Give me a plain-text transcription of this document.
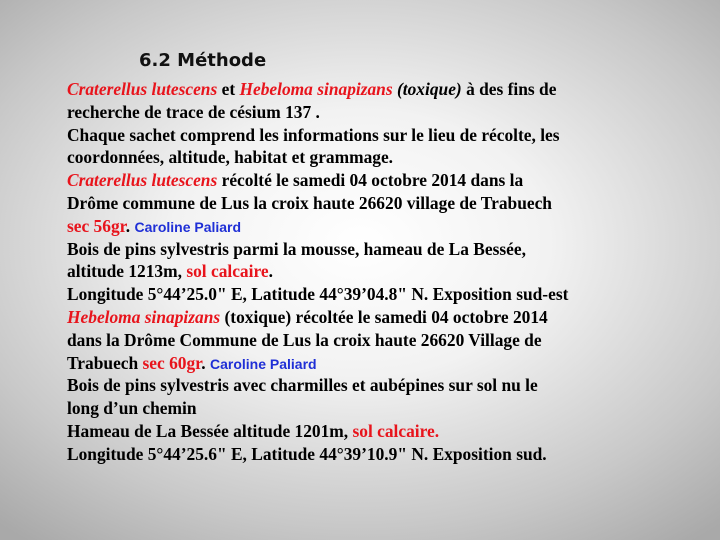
6.2 Méthode
Craterellus lutescens et Hebeloma sinapizans (toxique) à des fins de
recherche de trace de césium 137 .
Chaque sachet comprend les informations sur le lieu de récolte, les
coordonnées, altitude, habitat et grammage.
Craterellus lutescens récolté le samedi 04 octobre 2014 dans la
Drôme commune de Lus la croix haute 26620 village de Trabuech
sec 56gr. Caroline Paliard
Bois de pins sylvestris parmi la mousse, hameau de La Bessée,
altitude 1213m, sol calcaire.
Longitude 5°44’25.0" E, Latitude 44°39’04.8" N. Exposition sud-est
Hebeloma sinapizans (toxique) récoltée le samedi 04 octobre 2014
dans la Drôme Commune de Lus la croix haute 26620 Village de
Trabuech sec 60gr. Caroline Paliard
Bois de pins sylvestris avec charmilles et aubépines sur sol nu le
long d’un chemin
Hameau de La Bessée altitude 1201m, sol calcaire.
Longitude 5°44’25.6" E, Latitude 44°39’10.9" N. Exposition sud.
